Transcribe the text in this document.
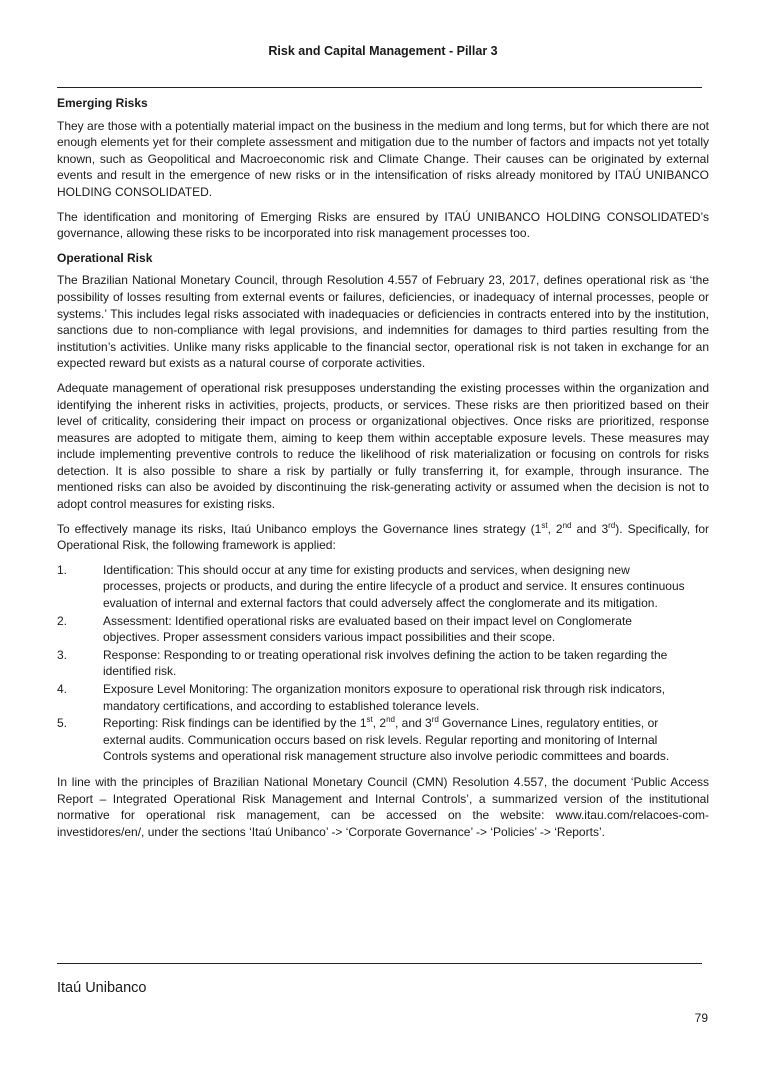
Risk and Capital Management - Pillar 3
Emerging Risks

They are those with a potentially material impact on the business in the medium and long terms, but for which there are not enough elements yet for their complete assessment and mitigation due to the number of factors and impacts not yet totally known, such as Geopolitical and Macroeconomic risk and Climate Change. Their causes can be originated by external events and result in the emergence of new risks or in the intensification of risks already monitored by ITAÚ UNIBANCO HOLDING CONSOLIDATED.

The identification and monitoring of Emerging Risks are ensured by ITAÚ UNIBANCO HOLDING CONSOLIDATED’s governance, allowing these risks to be incorporated into risk management processes too.

Operational Risk

The Brazilian National Monetary Council, through Resolution 4.557 of February 23, 2017, defines operational risk as ‘the possibility of losses resulting from external events or failures, deficiencies, or inadequacy of internal processes, people or systems.’ This includes legal risks associated with inadequacies or deficiencies in contracts entered into by the institution, sanctions due to non-compliance with legal provisions, and indemnities for damages to third parties resulting from the institution’s activities. Unlike many risks applicable to the financial sector, operational risk is not taken in exchange for an expected reward but exists as a natural course of corporate activities.

Adequate management of operational risk presupposes understanding the existing processes within the organization and identifying the inherent risks in activities, projects, products, or services. These risks are then prioritized based on their level of criticality, considering their impact on process or organizational objectives. Once risks are prioritized, response measures are adopted to mitigate them, aiming to keep them within acceptable exposure levels. These measures may include implementing preventive controls to reduce the likelihood of risk materialization or focusing on controls for risks detection. It is also possible to share a risk by partially or fully transferring it, for example, through insurance. The mentioned risks can also be avoided by discontinuing the risk-generating activity or assumed when the decision is not to adopt control measures for existing risks.

To effectively manage its risks, Itaú Unibanco employs the Governance lines strategy (1st, 2nd and 3rd). Specifically, for Operational Risk, the following framework is applied:

1.	Identification: This should occur at any time for existing products and services, when designing new processes, projects or products, and during the entire lifecycle of a product and service. It ensures continuous evaluation of internal and external factors that could adversely affect the conglomerate and its mitigation.
2.	Assessment: Identified operational risks are evaluated based on their impact level on Conglomerate objectives. Proper assessment considers various impact possibilities and their scope.
3.	Response: Responding to or treating operational risk involves defining the action to be taken regarding the identified risk.
4.	Exposure Level Monitoring: The organization monitors exposure to operational risk through risk indicators, mandatory certifications, and according to established tolerance levels.
5.	Reporting: Risk findings can be identified by the 1st, 2nd, and 3rd Governance Lines, regulatory entities, or external audits. Communication occurs based on risk levels. Regular reporting and monitoring of Internal Controls systems and operational risk management structure also involve periodic committees and boards.

In line with the principles of Brazilian National Monetary Council (CMN) Resolution 4.557, the document ‘Public Access Report – Integrated Operational Risk Management and Internal Controls’, a summarized version of the institutional normative for operational risk management, can be accessed on the website: www.itau.com/relacoes-com-investidores/en/, under the sections ‘Itaú Unibanco’ -> ‘Corporate Governance’ -> ‘Policies’ -> ‘Reports’.

Itaú Unibanco
79
